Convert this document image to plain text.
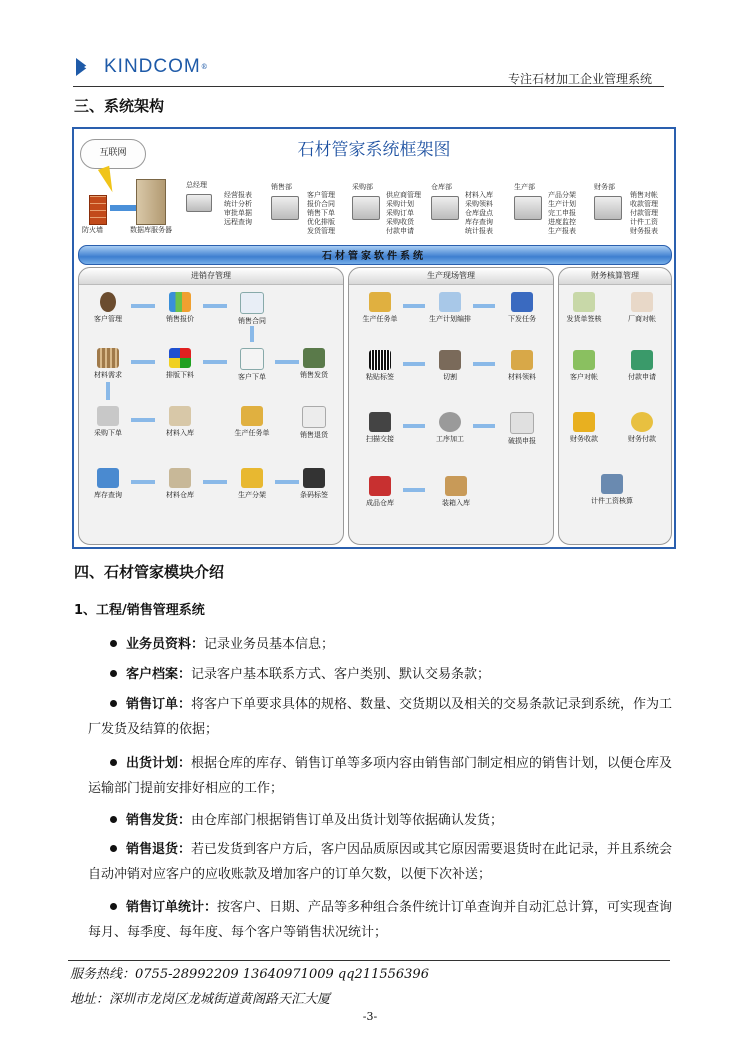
KINDCOM ®
专注石材加工企业管理系统
三、系统架构
石材管家系统框架图
互联网
防火墙	数据库服务器
总经理
经营报表
统计分析
审批单据
远程查询
销售部
客户管理
报价合同
销售下单
优化排版
发货管理
采购部
供应商管理
采购计划
采购订单
采购收货
付款申请
仓库部
材料入库
采购领料
仓库盘点
库存查询
统计报表
生产部
产品分架
生产计划
完工申报
进度监控
生产报表
财务部
销售对帐
收款管理
付款管理
计件工资
财务报表
石材管家软件系统
进销存管理
客户管理	销售报价	销售合同
材料需求	排版下料	客户下单	销售发货
采购下单	材料入库	生产任务单	销售退货
库存查询	材料仓库	生产分架	条码标签
生产现场管理
生产任务单	生产计划编排	下发任务
粘贴标签	切割	材料领料
扫描交接	工序加工	破损申报
成品仓库	装箱入库
财务核算管理
发货单签核	厂商对帐
客户对帐	付款申请
财务收款	财务付款
计件工资核算
四、石材管家模块介绍
1、工程/销售管理系统
业务员资料：记录业务员基本信息；
客户档案：记录客户基本联系方式、客户类别、默认交易条款；
销售订单：将客户下单要求具体的规格、数量、交货期以及相关的交易条款记录到系统，作为工厂发货及结算的依据；
出货计划：根据仓库的库存、销售订单等多项内容由销售部门制定相应的销售计划，以便仓库及运输部门提前安排好相应的工作；
销售发货：由仓库部门根据销售订单及出货计划等依据确认发货；
销售退货：若已发货到客户方后，客户因品质原因或其它原因需要退货时在此记录，并且系统会自动冲销对应客户的应收账款及增加客户的订单欠数，以便下次补送；
销售订单统计：按客户、日期、产品等多种组合条件统计订单查询并自动汇总计算，可实现查询每月、每季度、每年度、每个客户等销售状况统计；
服务热线：0755-28992209 13640971009 qq211556396
地址：深圳市龙岗区龙城街道黄阁路天汇大厦
-3-
